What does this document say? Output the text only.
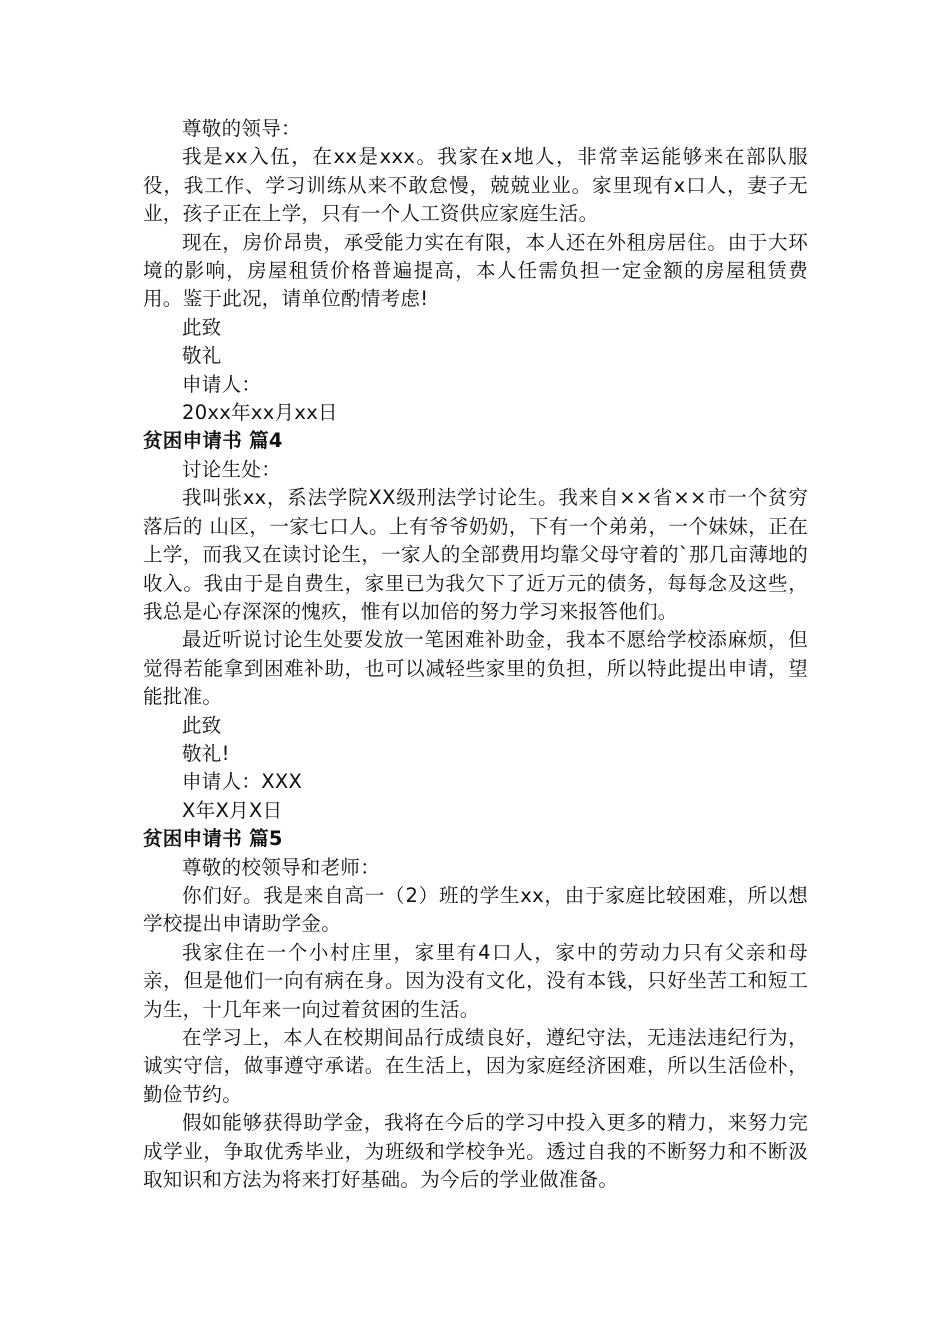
尊敬的领导：

我是xx入伍，在xx是xxx。我家在x地人，非常幸运能够来在部队服役，我工作、学习训练从来不敢怠慢，兢兢业业。家里现有x口人，妻子无业，孩子正在上学，只有一个人工资供应家庭生活。

现在，房价昂贵，承受能力实在有限，本人还在外租房居住。由于大环境的影响，房屋租赁价格普遍提高，本人任需负担一定金额的房屋租赁费用。鉴于此况，请单位酌情考虑!

此致

敬礼

申请人：

20xx年xx月xx日

贫困申请书 篇4

讨论生处：

我叫张xx，系法学院XX级刑法学讨论生。我来自××省××市一个贫穷落后的 山区，一家七口人。上有爷爷奶奶，下有一个弟弟，一个妹妹，正在上学，而我又在读讨论生，一家人的全部费用均靠父母守着的`那几亩薄地的收入。我由于是自费生，家里已为我欠下了近万元的债务，每每念及这些，我总是心存深深的愧疚，惟有以加倍的努力学习来报答他们。

最近听说讨论生处要发放一笔困难补助金，我本不愿给学校添麻烦，但觉得若能拿到困难补助，也可以减轻些家里的负担，所以特此提出申请，望能批准。

此致

敬礼!

申请人：XXX

X年X月X日

贫困申请书 篇5

尊敬的校领导和老师：

你们好。我是来自高一（2）班的学生xx，由于家庭比较困难，所以想学校提出申请助学金。

我家住在一个小村庄里，家里有4口人，家中的劳动力只有父亲和母亲，但是他们一向有病在身。因为没有文化，没有本钱，只好坐苦工和短工为生，十几年来一向过着贫困的生活。

在学习上，本人在校期间品行成绩良好，遵纪守法，无违法违纪行为，诚实守信，做事遵守承诺。在生活上，因为家庭经济困难，所以生活俭朴，勤俭节约。

假如能够获得助学金，我将在今后的学习中投入更多的精力，来努力完成学业，争取优秀毕业，为班级和学校争光。透过自我的不断努力和不断汲取知识和方法为将来打好基础。为今后的学业做准备。
